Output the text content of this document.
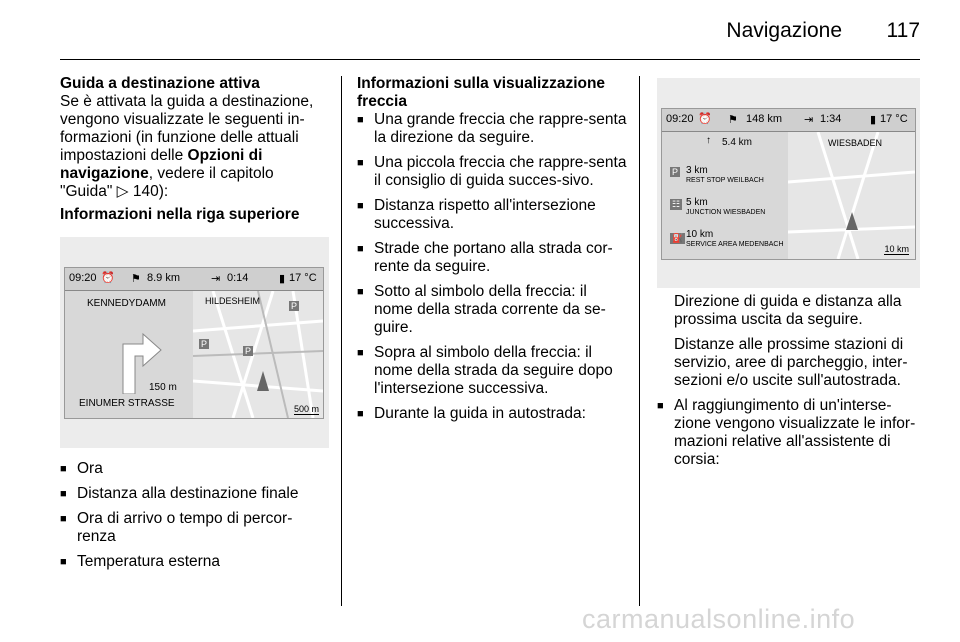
Navigazione 117

Guida a destinazione attiva

Se è attivata la guida a destinazione, vengono visualizzate le seguenti in-formazioni (in funzione delle attuali impostazioni delle Opzioni di navigazione, vedere il capitolo "Guida" ▷ 140):

Informazioni nella riga superiore

09:20 ⏰ ⚑ 8.9 km	⇥ 0:14	▮ 17 °C
HILDESHEIM
P
P
P
500 m
KENNEDYDAMM
150 m
EINUMER STRASSE
■ Ora
■ Distanza alla destinazione finale
■ Ora di arrivo o tempo di percor-renza
■ Temperatura esterna

Informazioni sulla visualizzazione freccia

■ Una grande freccia che rappre-senta la direzione da seguire.
■ Una piccola freccia che rappre-senta il consiglio di guida succes-sivo.
■ Distanza rispetto all'intersezione successiva.
■ Strade che portano alla strada cor-rente da seguire.
■ Sotto al simbolo della freccia: il nome della strada corrente da se-guire.
■ Sopra al simbolo della freccia: il nome della strada da seguire dopo l'intersezione successiva.
■ Durante la guida in autostrada:
09:20 ⏰ ⚑ 148 km ⇥ 1:34	▮ 17 °C
WIESBADEN
10 km
↑ 5.4 km
P 3 km
REST STOP WEILBACH
☷ 5 km
JUNCTION WIESBADEN
⛽ 10 km
SERVICE AREA MEDENBACH

Direzione di guida e distanza alla prossima uscita da seguire.

Distanze alle prossime stazioni di servizio, aree di parcheggio, inter-sezioni e/o uscite sull'autostrada.

■ Al raggiungimento di un'interse-zione vengono visualizzate le infor-mazioni relative all'assistente di corsia:
carmanualsonline.info
